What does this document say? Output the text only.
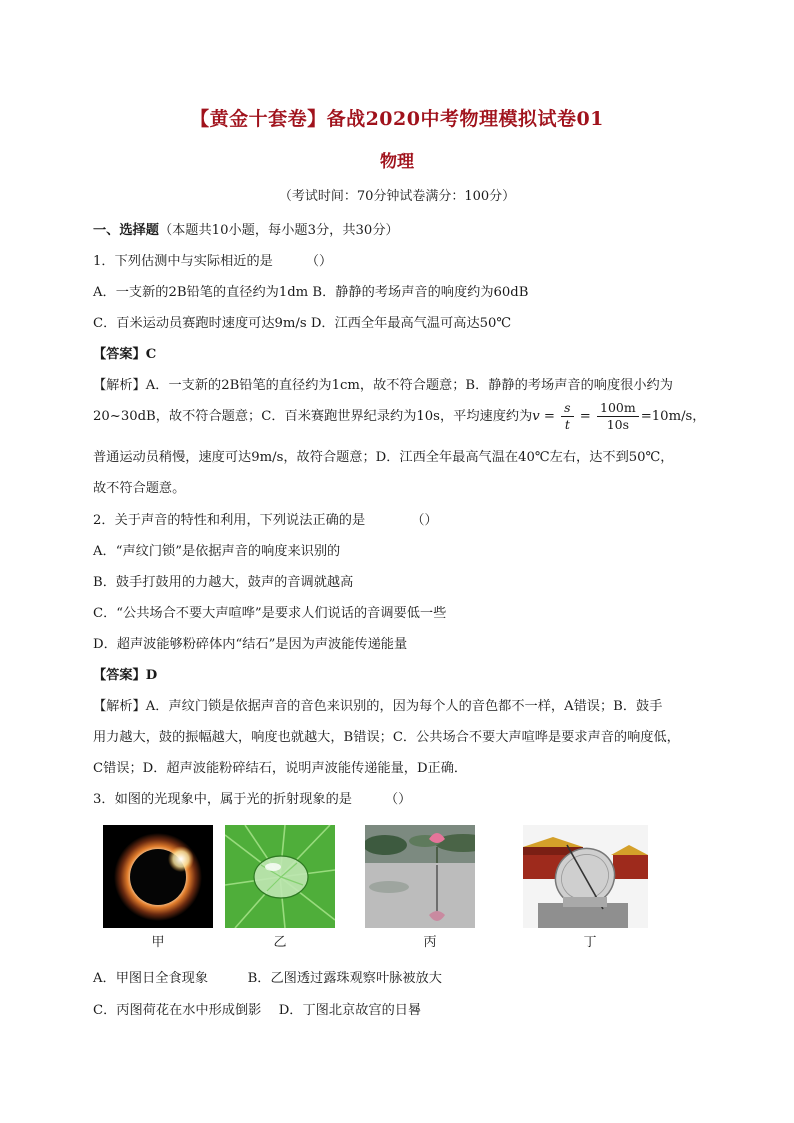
【黄金十套卷】备战2020中考物理模拟试卷01
物理
（考试时间：70分钟试卷满分：100分）
一、选择题（本题共10小题，每小题3分，共30分）
1．下列估测中与实际相近的是　　　（）
A．一支新的2B铅笔的直径约为1dm B．静静的考场声音的响度约为60dB
C．百米运动员赛跑时速度可达9m/s D．江西全年最高气温可高达50℃
【答案】C
【解析】A．一支新的2B铅笔的直径约为1cm，故不符合题意；B．静静的考场声音的响度很小约为
20~30dB，故不符合题意；C．百米赛跑世界纪录约为10s，平均速度约为$v = \frac{s}{t} = \frac{100m}{10s} =10m/s$，
普通运动员稍慢，速度可达9m/s，故符合题意；D．江西全年最高气温在40℃左右，达不到50℃，
故不符合题意。
2．关于声音的特性和利用，下列说法正确的是　　　　（）
A．“声纹门锁”是依据声音的响度来识别的
B．鼓手打鼓用的力越大，鼓声的音调就越高
C．“公共场合不要大声喧哗”是要求人们说话的音调要低一些
D．超声波能够粉碎体内“结石”是因为声波能传递能量
【答案】D
【解析】A．声纹门锁是依据声音的音色来识别的，因为每个人的音色都不一样，A错误；B．鼓手
用力越大，鼓的振幅越大，响度也就越大，B错误；C．公共场合不要大声喧哗是要求声音的响度低，
C错误；D．超声波能粉碎结石，说明声波能传递能量，D正确．
3．如图的光现象中，属于光的折射现象的是　　　（）
甲	乙	丙	丁
A．甲图日全食现象　　　B．乙图透过露珠观察叶脉被放大
C．丙图荷花在水中形成倒影　 D．丁图北京故宫的日晷
